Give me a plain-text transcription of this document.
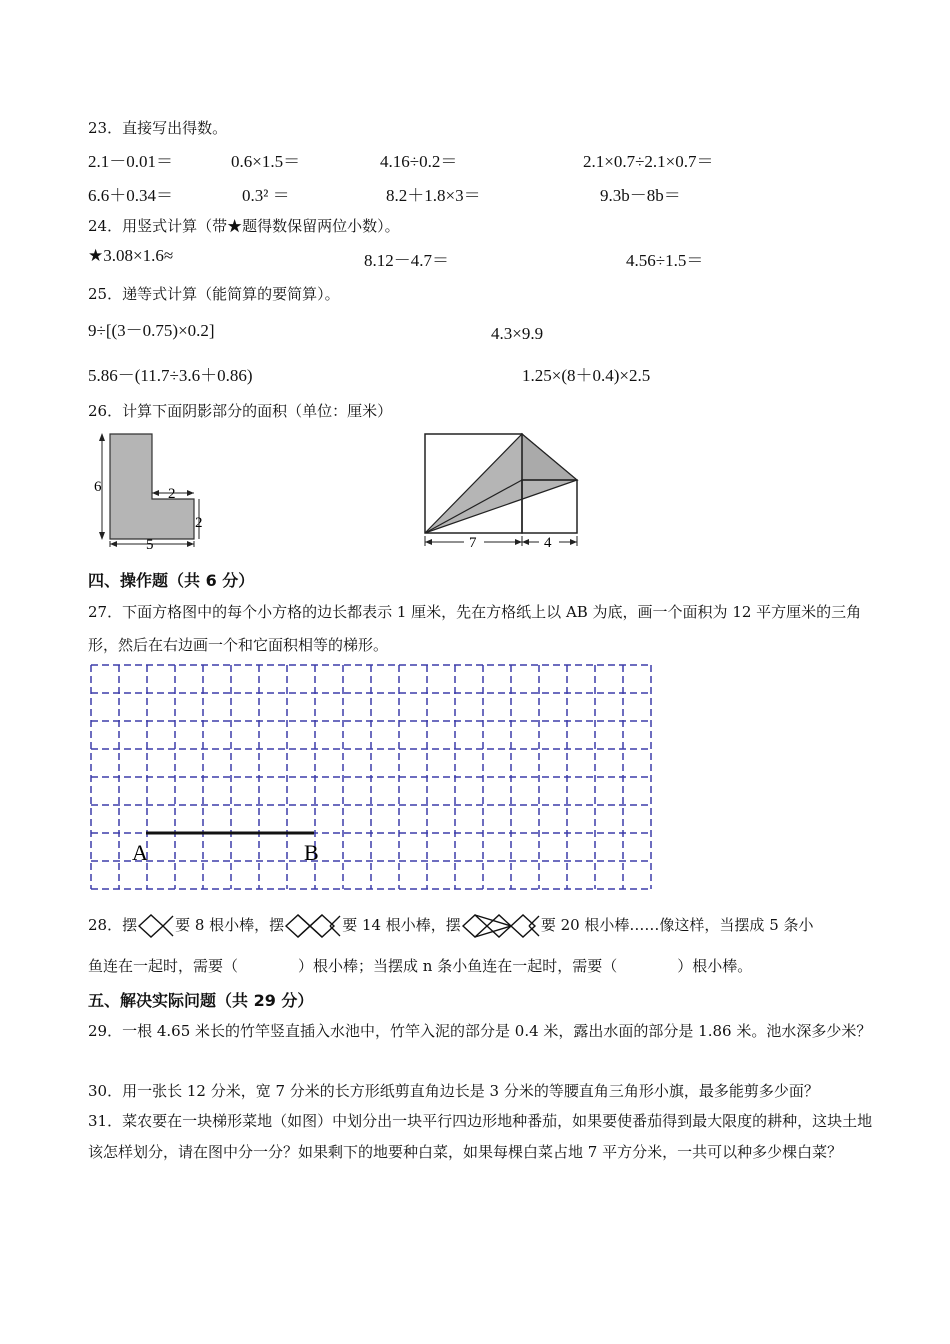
23．直接写出得数。
2.1－0.01＝	0.6×1.5＝	4.16÷0.2＝	2.1×0.7÷2.1×0.7＝
6.6＋0.34＝	0.3² ＝	8.2＋1.8×3＝	9.3b－8b＝
24．用竖式计算（带★题得数保留两位小数）。
★3.08×1.6≈	8.12－4.7＝	4.56÷1.5＝
25．递等式计算（能简算的要简算）。
9÷[(3－0.75)×0.2]	4.3×9.9
5.86－(11.7÷3.6＋0.86)	1.25×(8＋0.4)×2.5
26．计算下面阴影部分的面积（单位：厘米）
6	2
2
5	7	4
四、操作题（共 6 分）
27．下面方格图中的每个小方格的边长都表示 1 厘米，先在方格纸上以 AB 为底，画一个面积为 12 平方厘米的三角形，然后在右边画一个和它面积相等的梯形。
A	B
28．摆	要 8 根小棒，摆	要 14 根小棒，摆	要 20 根小棒……像这样，当摆成 5 条小
鱼连在一起时，需要（　　　　）根小棒；当摆成 n 条小鱼连在一起时，需要（　　　　）根小棒。
五、解决实际问题（共 29 分）
29．一根 4.65 米长的竹竿竖直插入水池中，竹竿入泥的部分是 0.4 米，露出水面的部分是 1.86 米。池水深多少米？
30．用一张长 12 分米，宽 7 分米的长方形纸剪直角边长是 3 分米的等腰直角三角形小旗，最多能剪多少面？
31．菜农要在一块梯形菜地（如图）中划分出一块平行四边形地种番茄，如果要使番茄得到最大限度的耕种，这块土地该怎样划分，请在图中分一分？如果剩下的地要种白菜，如果每棵白菜占地 7 平方分米，一共可以种多少棵白菜？
